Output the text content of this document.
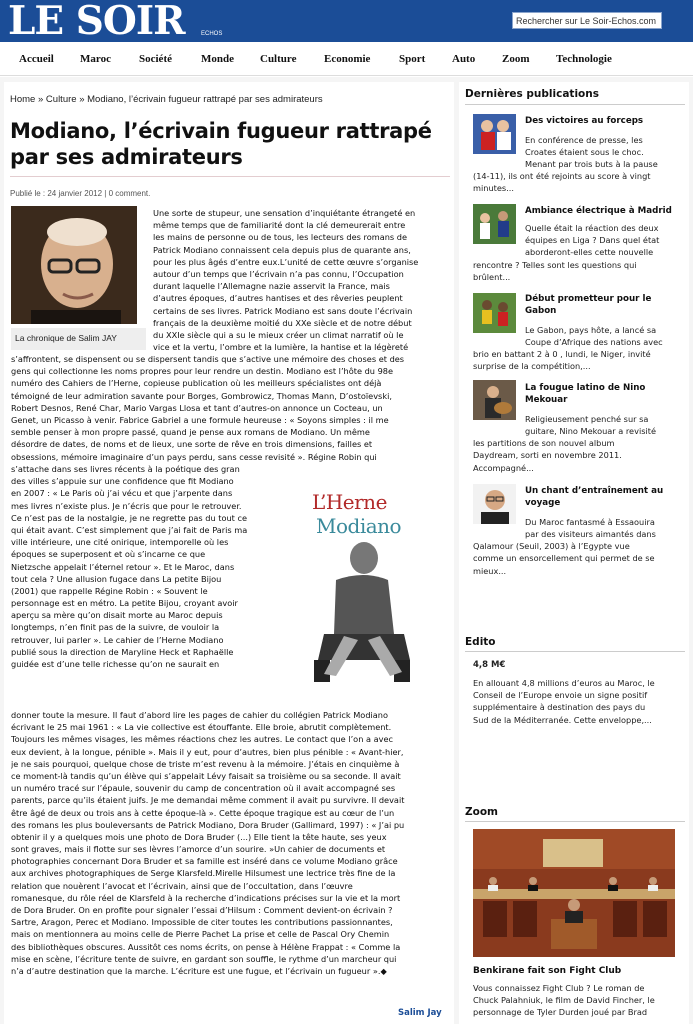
LE SOIR	ECHOS
Rechercher sur Le Soir-Echos.com
Accueil Maroc	Société	Monde Culture	Economie	Sport Auto Zoom Technologie
Home » Culture » Modiano, l’écrivain fugueur rattrapé par ses admirateurs
Modiano, l’écrivain fugueur rattrapé
par ses admirateurs
Publié le : 24 janvier 2012 | 0 comment.
La chronique de Salim JAY
L’Herne
Modiano
Une sorte de stupeur, une sensation d’inquiétante étrangeté en
même temps que de familiarité dont la clé demeurerait entre
les mains de personne ou de tous, les lecteurs des romans de
Patrick Modiano connaissent cela depuis plus de quarante ans,
pour les plus âgés d’entre eux.L’unité de cette œuvre s’organise
autour d’un temps que l’écrivain n’a pas connu, l’Occupation
durant laquelle l’Allemagne nazie asservit la France, mais
d’autres époques, d’autres hantises et des rêveries peuplent
certains de ses livres. Patrick Modiano est sans doute l’écrivain
français de la deuxième moitié du XXe siècle et de notre début
du XXIe siècle qui a su le mieux créer un climat narratif où le
vice et la vertu, l’ombre et la lumière, la hantise et la légèreté
s’affrontent, se dispensent ou se dispersent tandis que s’active une mémoire des choses et des
gens qui collectionne les noms propres pour leur rendre un destin. Modiano est l’hôte du 98e
numéro des Cahiers de l’Herne, copieuse publication où les meilleurs spécialistes ont déjà
témoigné de leur admiration savante pour Borges, Gombrowicz, Thomas Mann, D’ostoïevski,
Robert Desnos, René Char, Mario Vargas Llosa et tant d’autres-on annonce un Cocteau, un
Genet, un Picasso à venir. Fabrice Gabriel a une formule heureuse : « Soyons simples : il me
semble penser à mon propre passé, quand je pense aux romans de Modiano. Un même
désordre de dates, de noms et de lieux, une sorte de rêve en trois dimensions, failles et
obsessions, mémoire imaginaire d’un pays perdu, sans cesse revisité ». Régine Robin qui
s’attache dans ses livres récents à la poétique des gran
des villes s’appuie sur une confidence que fit Modiano
en 2007 : « Le Paris où j’ai vécu et que j’arpente dans
mes livres n’existe plus. Je n’écris que pour le retrouver.
Ce n’est pas de la nostalgie, je ne regrette pas du tout ce
qui était avant. C’est simplement que j’ai fait de Paris ma
ville intérieure, une cité onirique, intemporelle où les
époques se superposent et où s’incarne ce que
Nietzsche appelait l’éternel retour ». Et le Maroc, dans
tout cela ? Une allusion fugace dans La petite Bijou
(2001) que rappelle Régine Robin : « Souvent le
personnage est en métro. La petite Bijou, croyant avoir
aperçu sa mère qu’on disait morte au Maroc depuis
longtemps, n’en finit pas de la suivre, de vouloir la
retrouver, lui parler ». Le cahier de l’Herne Modiano
publié sous la direction de Maryline Heck et Raphaëlle
guidée est d’une telle richesse qu’on ne saurait en
donner toute la mesure. Il faut d’abord lire les pages de cahier du collégien Patrick Modiano
écrivant le 25 mai 1961 : « La vie collective est étouffante. Elle broie, abrutit complètement.
Toujours les mêmes visages, les mêmes réactions chez les autres. Le contact que l’on a avec
eux devient, à la longue, pénible ». Mais il y eut, pour d’autres, bien plus pénible : « Avant-hier,
je ne sais pourquoi, quelque chose de triste m’est revenu à la mémoire. J’étais en cinquième à
ce moment-là tandis qu’un élève qui s’appelait Lévy faisait sa troisième ou sa seconde. Il avait
un numéro tracé sur l’épaule, souvenir du camp de concentration où il avait accompagné ses
parents, parce qu’ils étaient juifs. Je me demandai même comment il avait pu survivre. Il devait
être âgé de deux ou trois ans à cette époque-là ». Cette époque tragique est au cœur de l’un
des romans les plus bouleversants de Patrick Modiano, Dora Bruder (Gallimard, 1997) : « J’ai pu
obtenir il y a quelques mois une photo de Dora Bruder (...) Elle tient la tête haute, ses yeux
sont graves, mais il flotte sur ses lèvres l’amorce d’un sourire. »Un cahier de documents et
photographies concernant Dora Bruder et sa famille est inséré dans ce volume Modiano grâce
aux archives photographiques de Serge Klarsfeld.Mirelle Hilsumest une lectrice très fine de la
relation que nouèrent l’avocat et l’écrivain, ainsi que de l’occultation, dans l’œuvre
romanesque, du rôle réel de Klarsfeld à la recherche d’indications précises sur la vie et la mort
de Dora Bruder. On en profite pour signaler l’essai d’Hilsum : Comment devient-on écrivain ?
Sartre, Aragon, Perec et Modiano. Impossible de citer toutes les contributions passionnantes,
mais on mentionnera au moins celle de Pierre Pachet La prise et celle de Pascal Ory Chemin
des bibliothèques obscures. Aussitôt ces noms écrits, on pense à Hélène Frappat : « Comme la
mise en scène, l’écriture tente de suivre, en gardant son souffle, le rythme d’un marcheur qui
n’a d’autre destination que la marche. L’écriture est une fugue, et l’écrivain un fugueur ».◆
Salim Jay
Dernières publications
Des victoires au forceps
En conférence de presse, les
Croates étaient sous le choc.
Menant par trois buts à la pause
(14-11), ils ont été rejoints au score à vingt
minutes...
Ambiance électrique à Madrid
Quelle était la réaction des deux
équipes en Liga ? Dans quel état
aborderont-elles cette nouvelle
rencontre ? Telles sont les questions qui
brûlent...
Début prometteur pour le
Gabon
Le Gabon, pays hôte, a lancé sa
Coupe d’Afrique des nations avec
brio en battant 2 à 0 , lundi, le Niger, invité
surprise de la compétition,...
La fougue latino de Nino
Mekouar
Religieusement penché sur sa
guitare, Nino Mekouar a revisité
les partitions de son nouvel album
Daydream, sorti en novembre 2011.
Accompagné...
Un chant d’entraînement au
voyage
Du Maroc fantasmé à Essaouira
par des visiteurs aimantés dans
Qalamour (Seuil, 2003) à l’Egypte vue
comme un ensorcellement qui permet de se
mieux...
Edito
4,8 M€
En allouant 4,8 millions d’euros au Maroc, le
Conseil de l’Europe envoie un signe positif
supplémentaire à destination des pays du
Sud de la Méditerranée. Cette enveloppe,...
Zoom
Benkirane fait son Fight Club
Vous connaissez Fight Club ? Le roman de
Chuck Palahniuk, le film de David Fincher, le
personnage de Tyler Durden joué par Brad
